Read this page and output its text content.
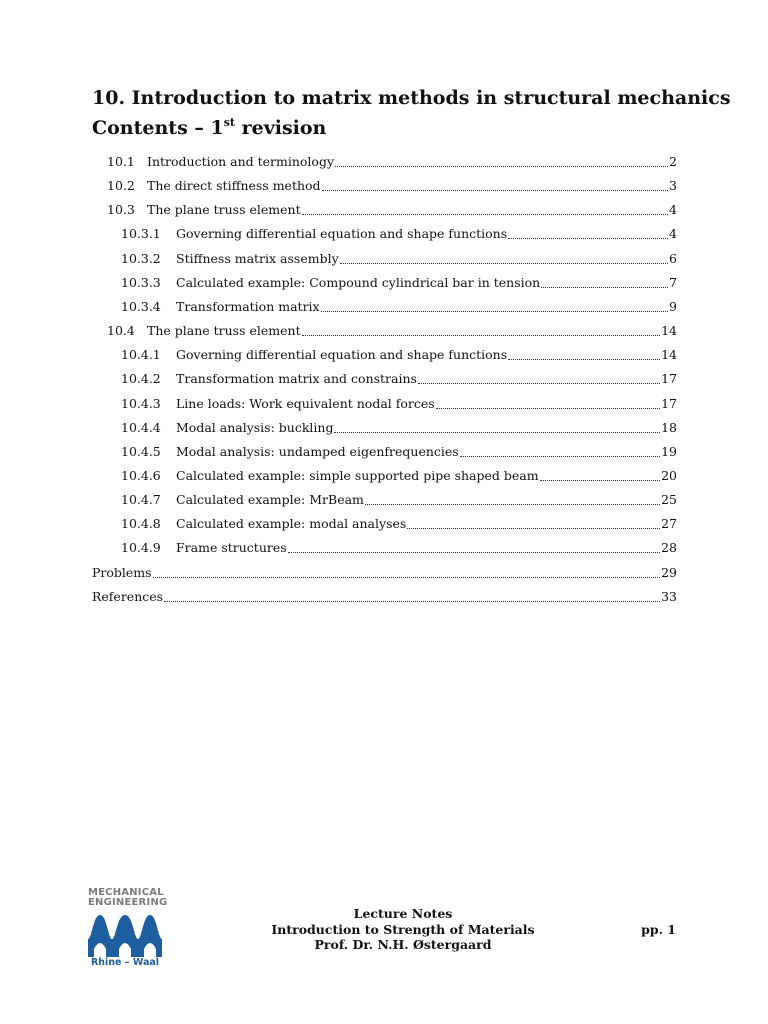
10. Introduction to matrix methods in structural mechanics
Contents – 1st revision
10.1 Introduction and terminology	2
10.2 The direct stiffness method	3
10.3 The plane truss element	4
10.3.1	Governing differential equation and shape functions	4
10.3.2	Stiffness matrix assembly	6
10.3.3	Calculated example: Compound cylindrical bar in tension	7
10.3.4	Transformation matrix	9
10.4 The plane truss element	14
10.4.1	Governing differential equation and shape functions	14
10.4.2	Transformation matrix and constrains	17
10.4.3	Line loads: Work equivalent nodal forces	17
10.4.4	Modal analysis: buckling	18
10.4.5	Modal analysis: undamped eigenfrequencies	19
10.4.6	Calculated example: simple supported pipe shaped beam	20
10.4.7	Calculated example: MrBeam	25
10.4.8	Calculated example: modal analyses	27
10.4.9	Frame structures	28
Problems	29
References	33
MECHANICAL
ENGINEERING
Rhine – Waal
Lecture Notes
Introduction to Strength of Materials
Prof. Dr. N.H. Østergaard
pp. 1
